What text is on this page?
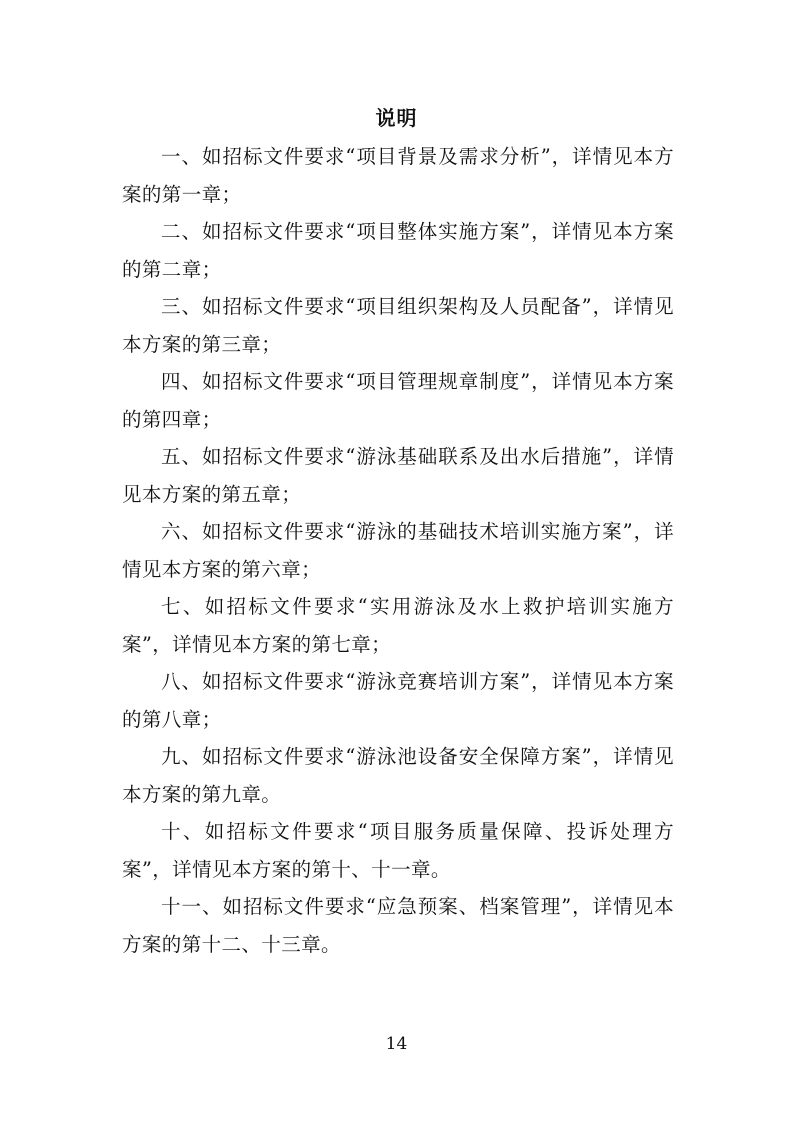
说明

一、如招标文件要求“项目背景及需求分析”，详情见本方案的第一章；

二、如招标文件要求“项目整体实施方案”，详情见本方案的第二章；

三、如招标文件要求“项目组织架构及人员配备”，详情见本方案的第三章；

四、如招标文件要求“项目管理规章制度”，详情见本方案的第四章；

五、如招标文件要求“游泳基础联系及出水后措施”，详情见本方案的第五章；

六、如招标文件要求“游泳的基础技术培训实施方案”，详情见本方案的第六章；

七、如招标文件要求“实用游泳及水上救护培训实施方案”，详情见本方案的第七章；

八、如招标文件要求“游泳竞赛培训方案”，详情见本方案的第八章；

九、如招标文件要求“游泳池设备安全保障方案”，详情见本方案的第九章。

十、如招标文件要求“项目服务质量保障、投诉处理方案”，详情见本方案的第十、十一章。

十一、如招标文件要求“应急预案、档案管理”，详情见本方案的第十二、十三章。

14
